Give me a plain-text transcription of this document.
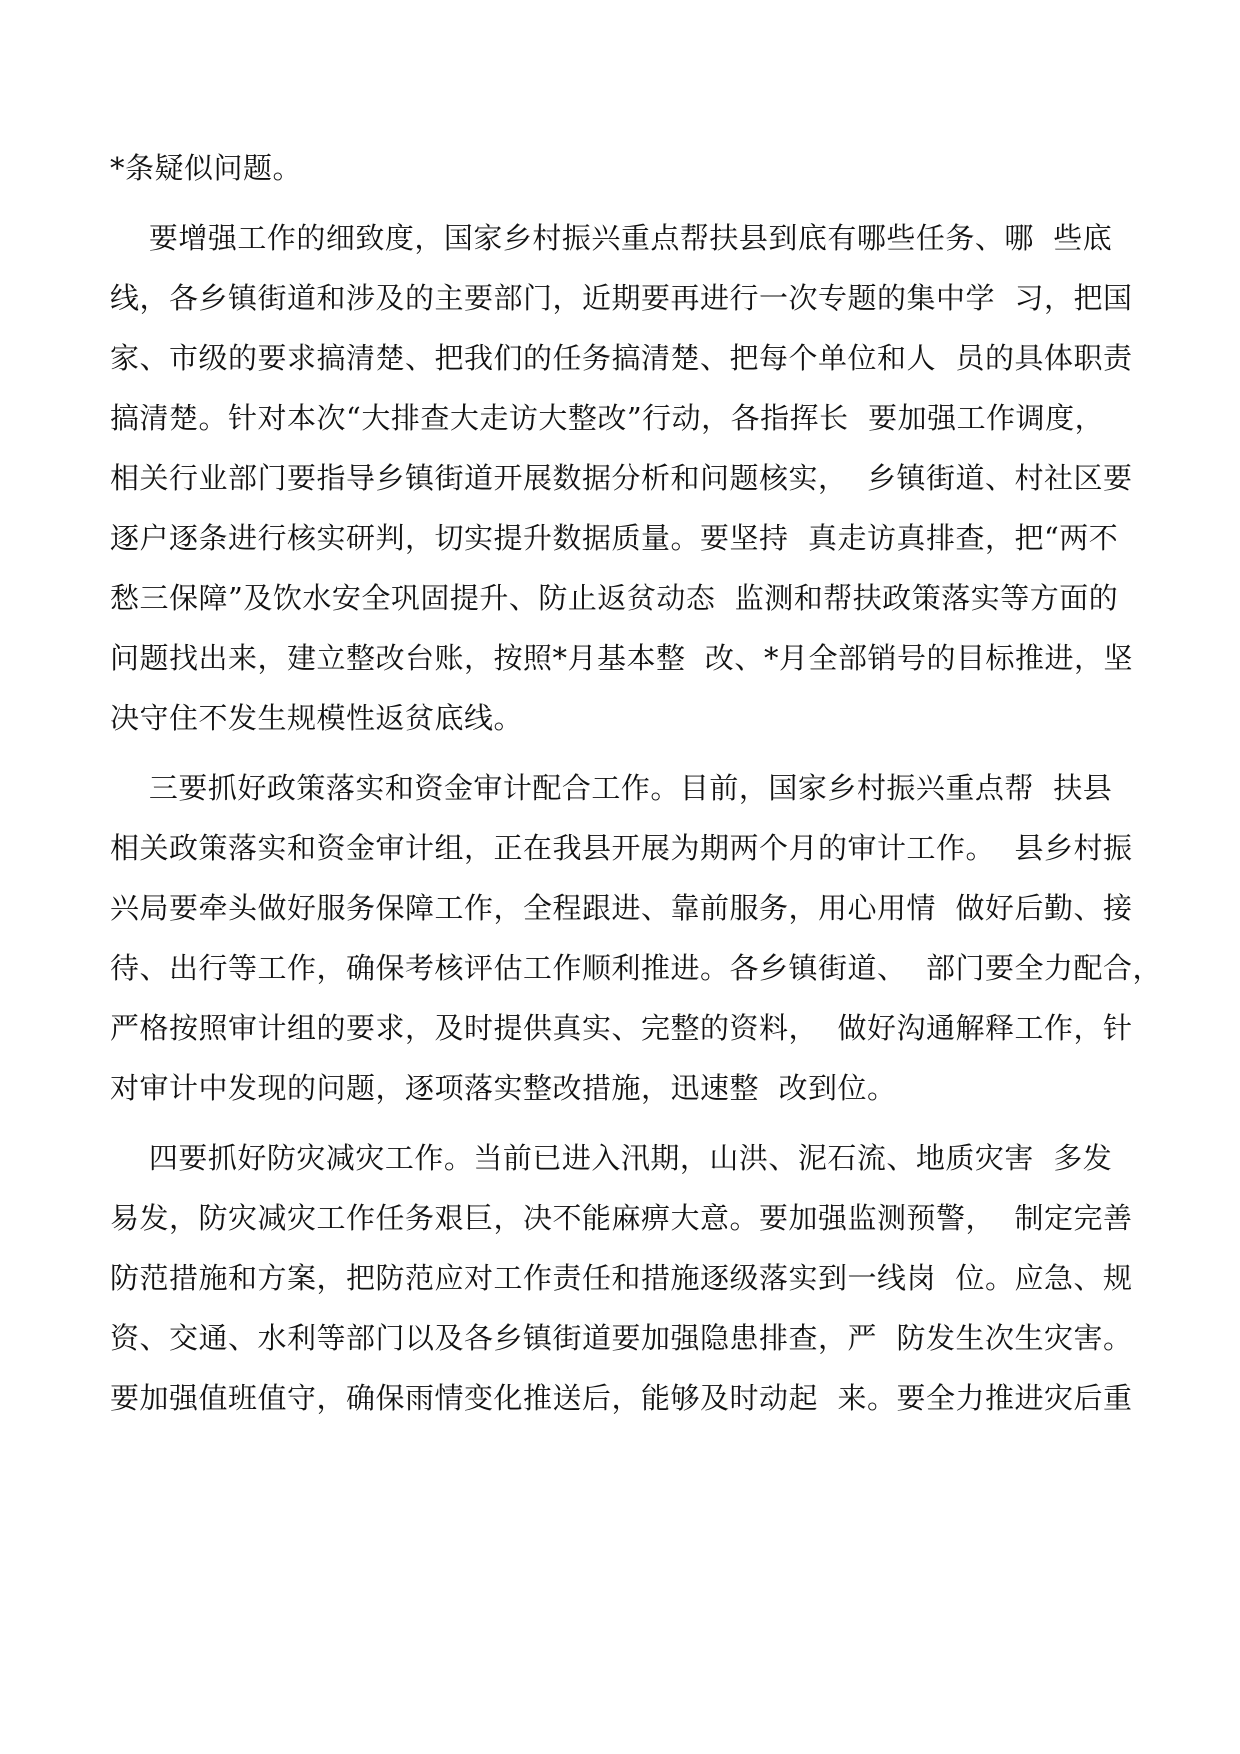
*条疑似问题。
要增强工作的细致度，国家乡村振兴重点帮扶县到底有哪些任务、哪  些底
线，各乡镇街道和涉及的主要部门，近期要再进行一次专题的集中学  习，把国
家、市级的要求搞清楚、把我们的任务搞清楚、把每个单位和人  员的具体职责
搞清楚。针对本次“大排查大走访大整改”行动，各指挥长  要加强工作调度，
相关行业部门要指导乡镇街道开展数据分析和问题核实，  乡镇街道、村社区要
逐户逐条进行核实研判，切实提升数据质量。要坚持  真走访真排查，把“两不
愁三保障”及饮水安全巩固提升、防止返贫动态  监测和帮扶政策落实等方面的
问题找出来，建立整改台账，按照*月基本整  改、*月全部销号的目标推进，坚
决守住不发生规模性返贫底线。
三要抓好政策落实和资金审计配合工作。目前，国家乡村振兴重点帮  扶县
相关政策落实和资金审计组，正在我县开展为期两个月的审计工作。  县乡村振
兴局要牵头做好服务保障工作，全程跟进、靠前服务，用心用情  做好后勤、接
待、出行等工作，确保考核评估工作顺利推进。各乡镇街道、  部门要全力配合，
严格按照审计组的要求，及时提供真实、完整的资料，  做好沟通解释工作，针
对审计中发现的问题，逐项落实整改措施，迅速整  改到位。
四要抓好防灾减灾工作。当前已进入汛期，山洪、泥石流、地质灾害  多发
易发，防灾减灾工作任务艰巨，决不能麻痹大意。要加强监测预警，  制定完善
防范措施和方案，把防范应对工作责任和措施逐级落实到一线岗  位。应急、规
资、交通、水利等部门以及各乡镇街道要加强隐患排查，严  防发生次生灾害。
要加强值班值守，确保雨情变化推送后，能够及时动起  来。要全力推进灾后重
